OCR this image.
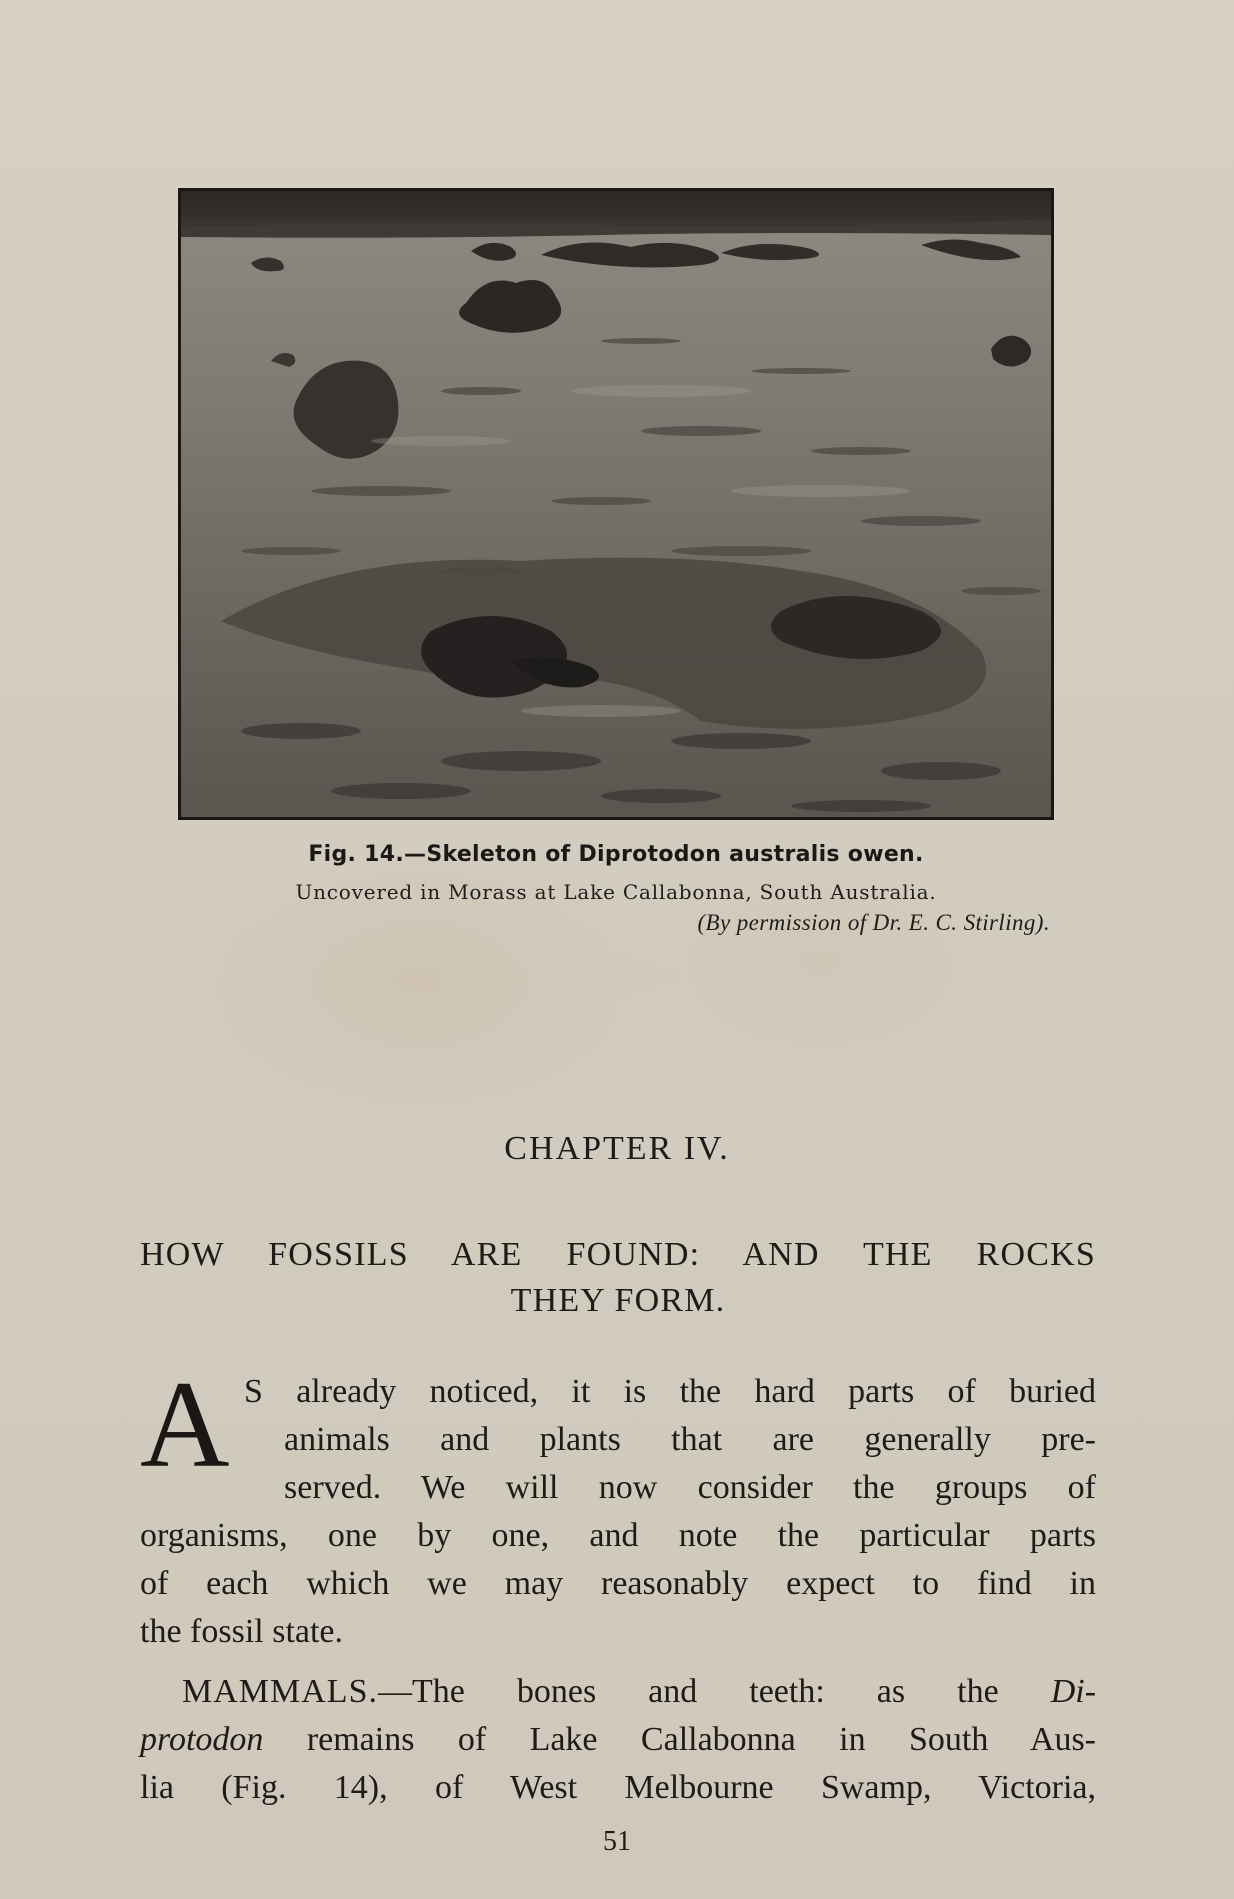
Fig. 14.—Skeleton of Diprotodon australis owen.
Uncovered in Morass at Lake Callabonna, South Australia.
(By permission of Dr. E. C. Stirling).
CHAPTER IV.
HOW FOSSILS ARE FOUND: AND THE ROCKS
THEY FORM.
A S already noticed, it is the hard parts of buried
animals and plants that are generally pre-
served. We will now consider the groups of
organisms, one by one, and note the particular parts
of each which we may reasonably expect to find in
the fossil state.
MAMMALS.—The bones and teeth: as the Di-
protodon remains of Lake Callabonna in South Aus-
lia (Fig. 14), of West Melbourne Swamp, Victoria,
51
